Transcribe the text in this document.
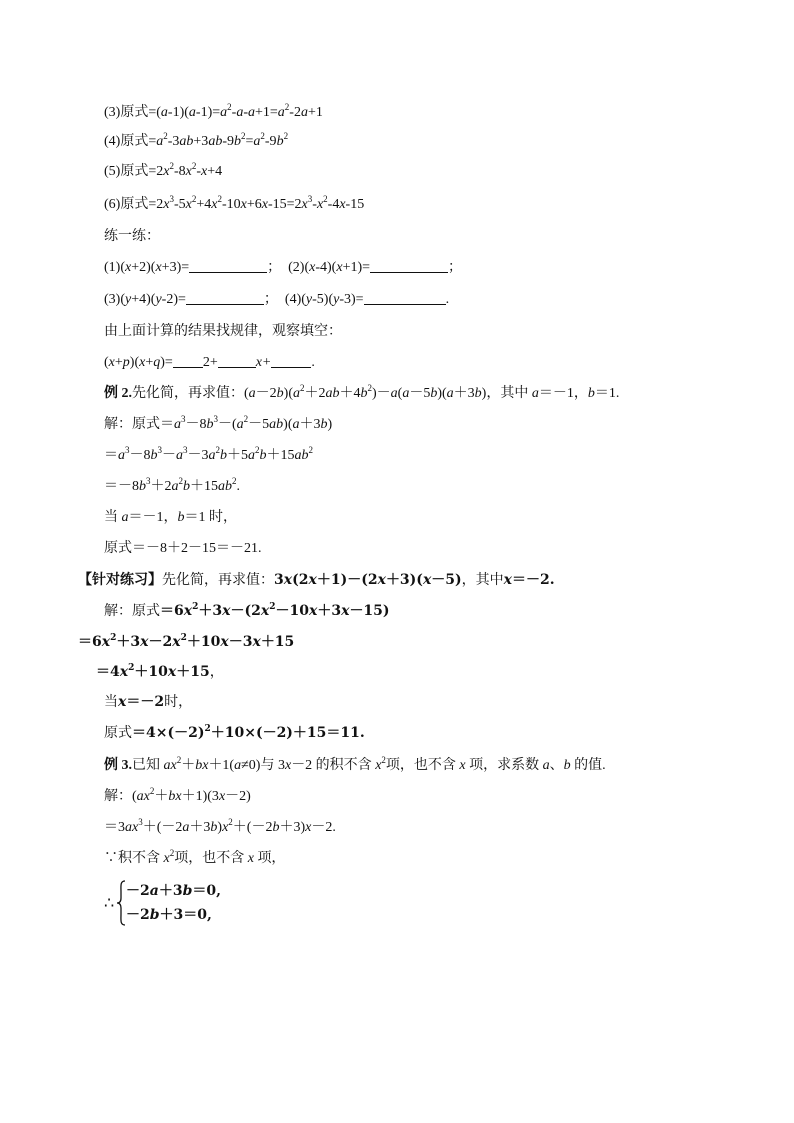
(3)原式$=(a-1)(a-1)=a^2-a-a+1=a^2-2a+1$
(4)原式$=a^2-3ab+3ab-9b^2=a^2-9b^2$
(5)原式$=2x^2-8x^2-x+4$
(6)原式$=2x^3-5x^2+4x^2-10x+6x-15=2x^3-x^2-4x-15$
练一练：
(1)(x+2)(x+3)=	； (2)(x-4)(x+1)=	；
(3)(y+4)(y-2)=	； (4)(y-5)(y-3)=	.
由上面计算的结果找规律，观察填空：
(x+p)(x+q)= 2+	x+	.
例 2.先化简，再求值：$(a-2b)(a^2+2ab+4b^2)-a(a-5b)(a+3b)$，其中 a＝－1，b＝1.
解：原式$=a^3-8b^3-(a^2-5ab)(a+3b)$
$=a^3-8b^3-a^3-3a^2b+5a^2b+15ab^2$
$=-8b^3+2a^2b+15ab^2$.
当 a＝－1，b＝1 时，
原式＝－8＋2－15＝－21.
【针对练习】先化简，再求值：3x(2x＋1)－(2x＋3)(x－5)，其中x＝－2.
解：原式$=6x^2+3x-(2x^2-10x+3x-15)$
$=6x^2+3x-2x^2+10x-3x+15$
$=4x^2+10x+15$，
当x＝－2时，
原式$=4\times(-2)^2+10\times(-2)+15=11$.
例 3.已知 $ax^2+bx+1(a\ne 0)$与 3x－2 的积不含 $x^2$项，也不含 x 项，求系数 a、b 的值.
解：$(ax^2+bx+1)(3x-2)$
$=3ax^3+(-2a+3b)x^2+(-2b+3)x-2$.
∵积不含 $x^2$项，也不含 x 项，
∴
－2a＋3b＝0,
－2b＋3＝0,
